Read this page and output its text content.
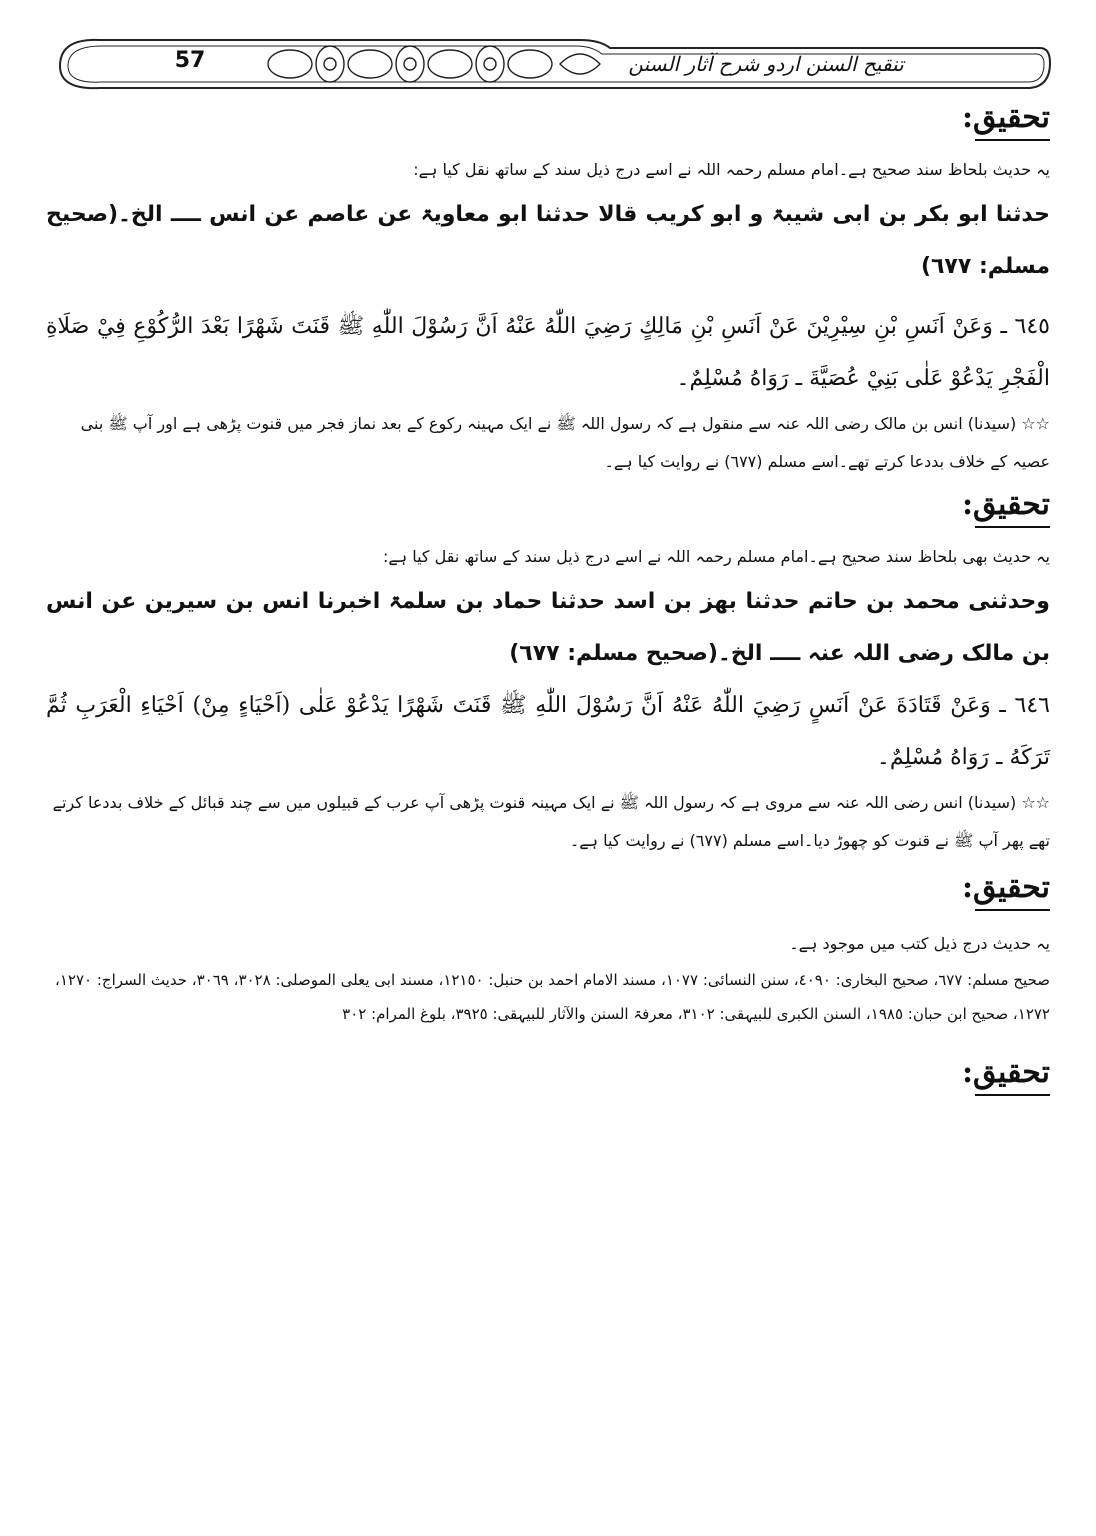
57	تنقیح السنن اردو شرح آثار السنن
تحقیق:

یہ حدیث بلحاظ سند صحیح ہے۔امام مسلم رحمہ اللہ نے اسے درج ذیل سند کے ساتھ نقل کیا ہے:

حدثنا ابو بکر بن ابی شیبۃ و ابو کریب قالا حدثنا ابو معاویۃ عن عاصم عن انس ــــ الخ۔(صحیح مسلم: ٦٧٧)

٦٤٥ ـ وَعَنْ اَنَسِ بْنِ سِيْرِيْنَ عَنْ اَنَسِ بْنِ مَالِكٍ رَضِيَ اللّٰهُ عَنْهُ اَنَّ رَسُوْلَ اللّٰهِ ﷺ قَنَتَ شَهْرًا بَعْدَ الرُّكُوْعِ فِيْ صَلَاةِ الْفَجْرِ يَدْعُوْ عَلٰى بَنِيْ عُصَيَّةَ ـ رَوَاهُ مُسْلِمٌ۔

☆☆ (سیدنا) انس بن مالک رضی اللہ عنہ سے منقول ہے کہ رسول اللہ ﷺ نے ایک مہینہ رکوع کے بعد نماز فجر میں قنوت پڑھی ہے اور آپ ﷺ بنی عصیہ کے خلاف بددعا کرتے تھے۔اسے مسلم (٦٧٧) نے روایت کیا ہے۔

تحقیق:

یہ حدیث بھی بلحاظ سند صحیح ہے۔امام مسلم رحمہ اللہ نے اسے درج ذیل سند کے ساتھ نقل کیا ہے:

وحدثنی محمد بن حاتم حدثنا بھز بن اسد حدثنا حماد بن سلمۃ اخبرنا انس بن سیرین عن انس بن مالک رضی اللہ عنہ ــــ الخ۔(صحیح مسلم: ٦٧٧)

٦٤٦ ـ وَعَنْ قَتَادَةَ عَنْ اَنَسٍ رَضِيَ اللّٰهُ عَنْهُ اَنَّ رَسُوْلَ اللّٰهِ ﷺ قَنَتَ شَهْرًا يَدْعُوْ عَلٰى (اَحْيَاءٍ مِنْ) اَحْيَاءِ الْعَرَبِ ثُمَّ تَرَكَهُ ـ رَوَاهُ مُسْلِمٌ۔

☆☆ (سیدنا) انس رضی اللہ عنہ سے مروی ہے کہ رسول اللہ ﷺ نے ایک مہینہ قنوت پڑھی آپ عرب کے قبیلوں میں سے چند قبائل کے خلاف بددعا کرتے تھے پھر آپ ﷺ نے قنوت کو چھوڑ دیا۔اسے مسلم (٦٧٧) نے روایت کیا ہے۔

تحقیق:

یہ حدیث درج ذیل کتب میں موجود ہے۔

صحیح مسلم: ٦٧٧، صحیح البخاری: ٤٠٩٠، سنن النسائی: ١٠٧٧، مسند الامام احمد بن حنبل: ١٢١٥٠، مسند ابی یعلی الموصلی: ٣٠٢٨، ٣٠٦٩، حدیث السراج: ١٢٧٠، ١٢٧٢، صحیح ابن حبان: ١٩٨٥، السنن الکبری للبیہقی: ٣١٠٢، معرفۃ السنن والآثار للبیہقی: ٣٩٢٥، بلوغ المرام: ٣٠٢

تحقیق:
